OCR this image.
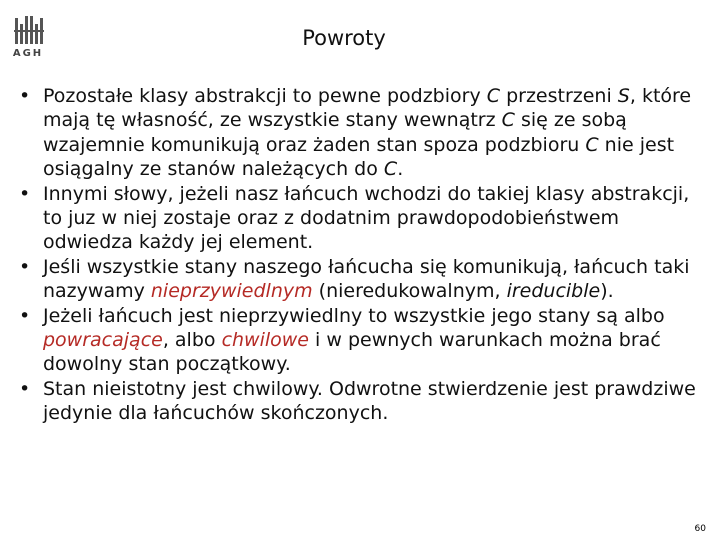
AGH
Powroty
• Pozostałe klasy abstrakcji to pewne podzbiory C przestrzeni S, które mają tę własność, ze wszystkie stany wewnątrz C się ze sobą wzajemnie komunikują oraz żaden stan spoza podzbioru C nie jest osiągalny ze stanów należących do C.
• Innymi słowy, jeżeli nasz łańcuch wchodzi do takiej klasy abstrakcji, to juz w niej zostaje oraz z dodatnim prawdopodobieństwem odwiedza każdy jej element.
• Jeśli wszystkie stany naszego łańcucha się komunikują, łańcuch taki nazywamy nieprzywiedlnym (nieredukowalnym, ireducible).
• Jeżeli łańcuch jest nieprzywiedlny to wszystkie jego stany są albo powracające, albo chwilowe i w pewnych warunkach można brać dowolny stan początkowy.
• Stan nieistotny jest chwilowy. Odwrotne stwierdzenie jest prawdziwe jedynie dla łańcuchów skończonych.
60
